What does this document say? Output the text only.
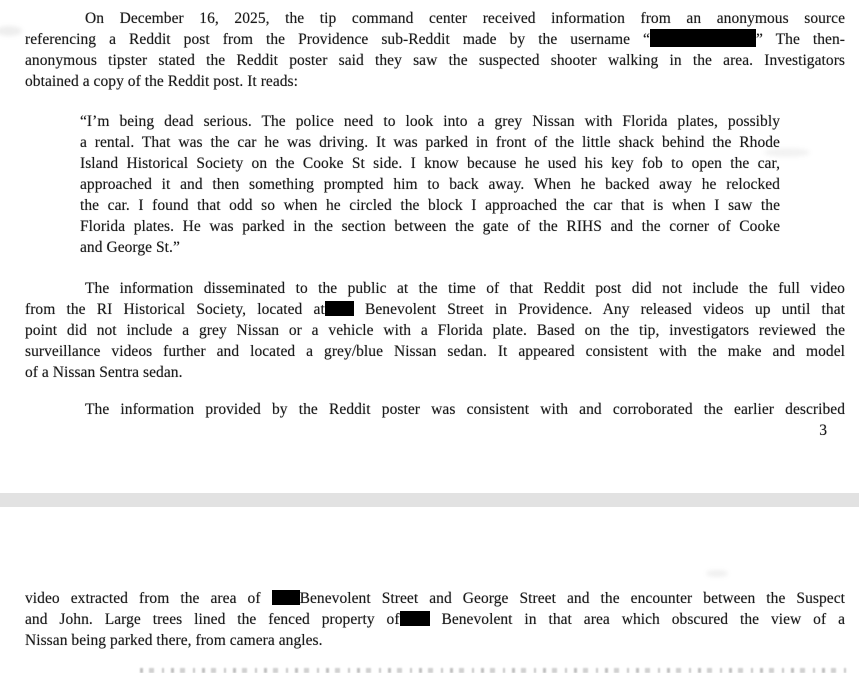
On December 16, 2025, the tip command center received information from an anonymous source
referencing a Reddit post from the Providence sub-Reddit made by the username “	” The then-
anonymous tipster stated the Reddit poster said they saw the suspected shooter walking in the area. Investigators
obtained a copy of the Reddit post. It reads:
“I’m being dead serious. The police need to look into a grey Nissan with Florida plates, possibly
a rental. That was the car he was driving. It was parked in front of the little shack behind the Rhode
Island Historical Society on the Cooke St side. I know because he used his key fob to open the car,
approached it and then something prompted him to back away. When he backed away he relocked
the car. I found that odd so when he circled the block I approached the car that is when I saw the
Florida plates. He was parked in the section between the gate of the RIHS and the corner of Cooke
and George St.”
The information disseminated to the public at the time of that Reddit post did not include the full video
from the RI Historical Society, located at Benevolent Street in Providence. Any released videos up until that
point did not include a grey Nissan or a vehicle with a Florida plate. Based on the tip, investigators reviewed the
surveillance videos further and located a grey/blue Nissan sedan. It appeared consistent with the make and model
of a Nissan Sentra sedan.
The information provided by the Reddit poster was consistent with and corroborated the earlier described
3
video extracted from the area of Benevolent Street and George Street and the encounter between the Suspect
and John. Large trees lined the fenced property of Benevolent in that area which obscured the view of a
Nissan being parked there, from camera angles.
